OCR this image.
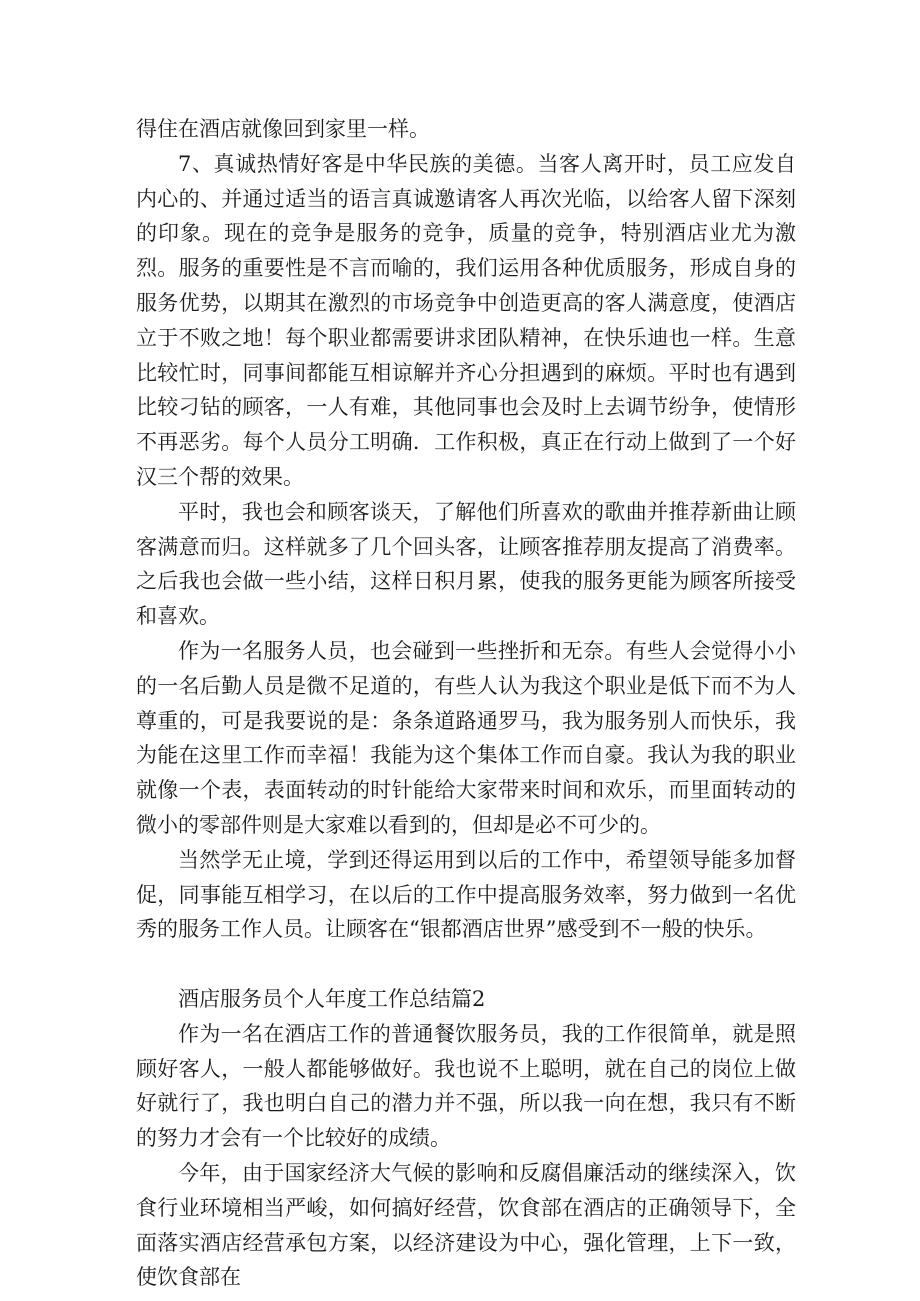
得住在酒店就像回到家里一样。

7、真诚热情好客是中华民族的美德。当客人离开时，员工应发自内心的、并通过适当的语言真诚邀请客人再次光临，以给客人留下深刻的印象。现在的竞争是服务的竞争，质量的竞争，特别酒店业尤为激烈。服务的重要性是不言而喻的，我们运用各种优质服务，形成自身的服务优势，以期其在激烈的市场竞争中创造更高的客人满意度，使酒店立于不败之地！每个职业都需要讲求团队精神，在快乐迪也一样。生意比较忙时，同事间都能互相谅解并齐心分担遇到的麻烦。平时也有遇到比较刁钻的顾客，一人有难，其他同事也会及时上去调节纷争，使情形不再恶劣。每个人员分工明确．工作积极，真正在行动上做到了一个好汉三个帮的效果。

平时，我也会和顾客谈天，了解他们所喜欢的歌曲并推荐新曲让顾客满意而归。这样就多了几个回头客，让顾客推荐朋友提高了消费率。之后我也会做一些小结，这样日积月累，使我的服务更能为顾客所接受和喜欢。

作为一名服务人员，也会碰到一些挫折和无奈。有些人会觉得小小的一名后勤人员是微不足道的，有些人认为我这个职业是低下而不为人尊重的，可是我要说的是：条条道路通罗马，我为服务别人而快乐，我为能在这里工作而幸福！我能为这个集体工作而自豪。我认为我的职业就像一个表，表面转动的时针能给大家带来时间和欢乐，而里面转动的微小的零部件则是大家难以看到的，但却是必不可少的。

当然学无止境，学到还得运用到以后的工作中，希望领导能多加督促，同事能互相学习，在以后的工作中提高服务效率，努力做到一名优秀的服务工作人员。让顾客在“银都酒店世界”感受到不一般的快乐。

酒店服务员个人年度工作总结篇2

作为一名在酒店工作的普通餐饮服务员，我的工作很简单，就是照顾好客人，一般人都能够做好。我也说不上聪明，就在自己的岗位上做好就行了，我也明白自己的潜力并不强，所以我一向在想，我只有不断的努力才会有一个比较好的成绩。

今年，由于国家经济大气候的影响和反腐倡廉活动的继续深入，饮食行业环境相当严峻，如何搞好经营，饮食部在酒店的正确领导下，全面落实酒店经营承包方案，以经济建设为中心，强化管理，上下一致，使饮食部在
